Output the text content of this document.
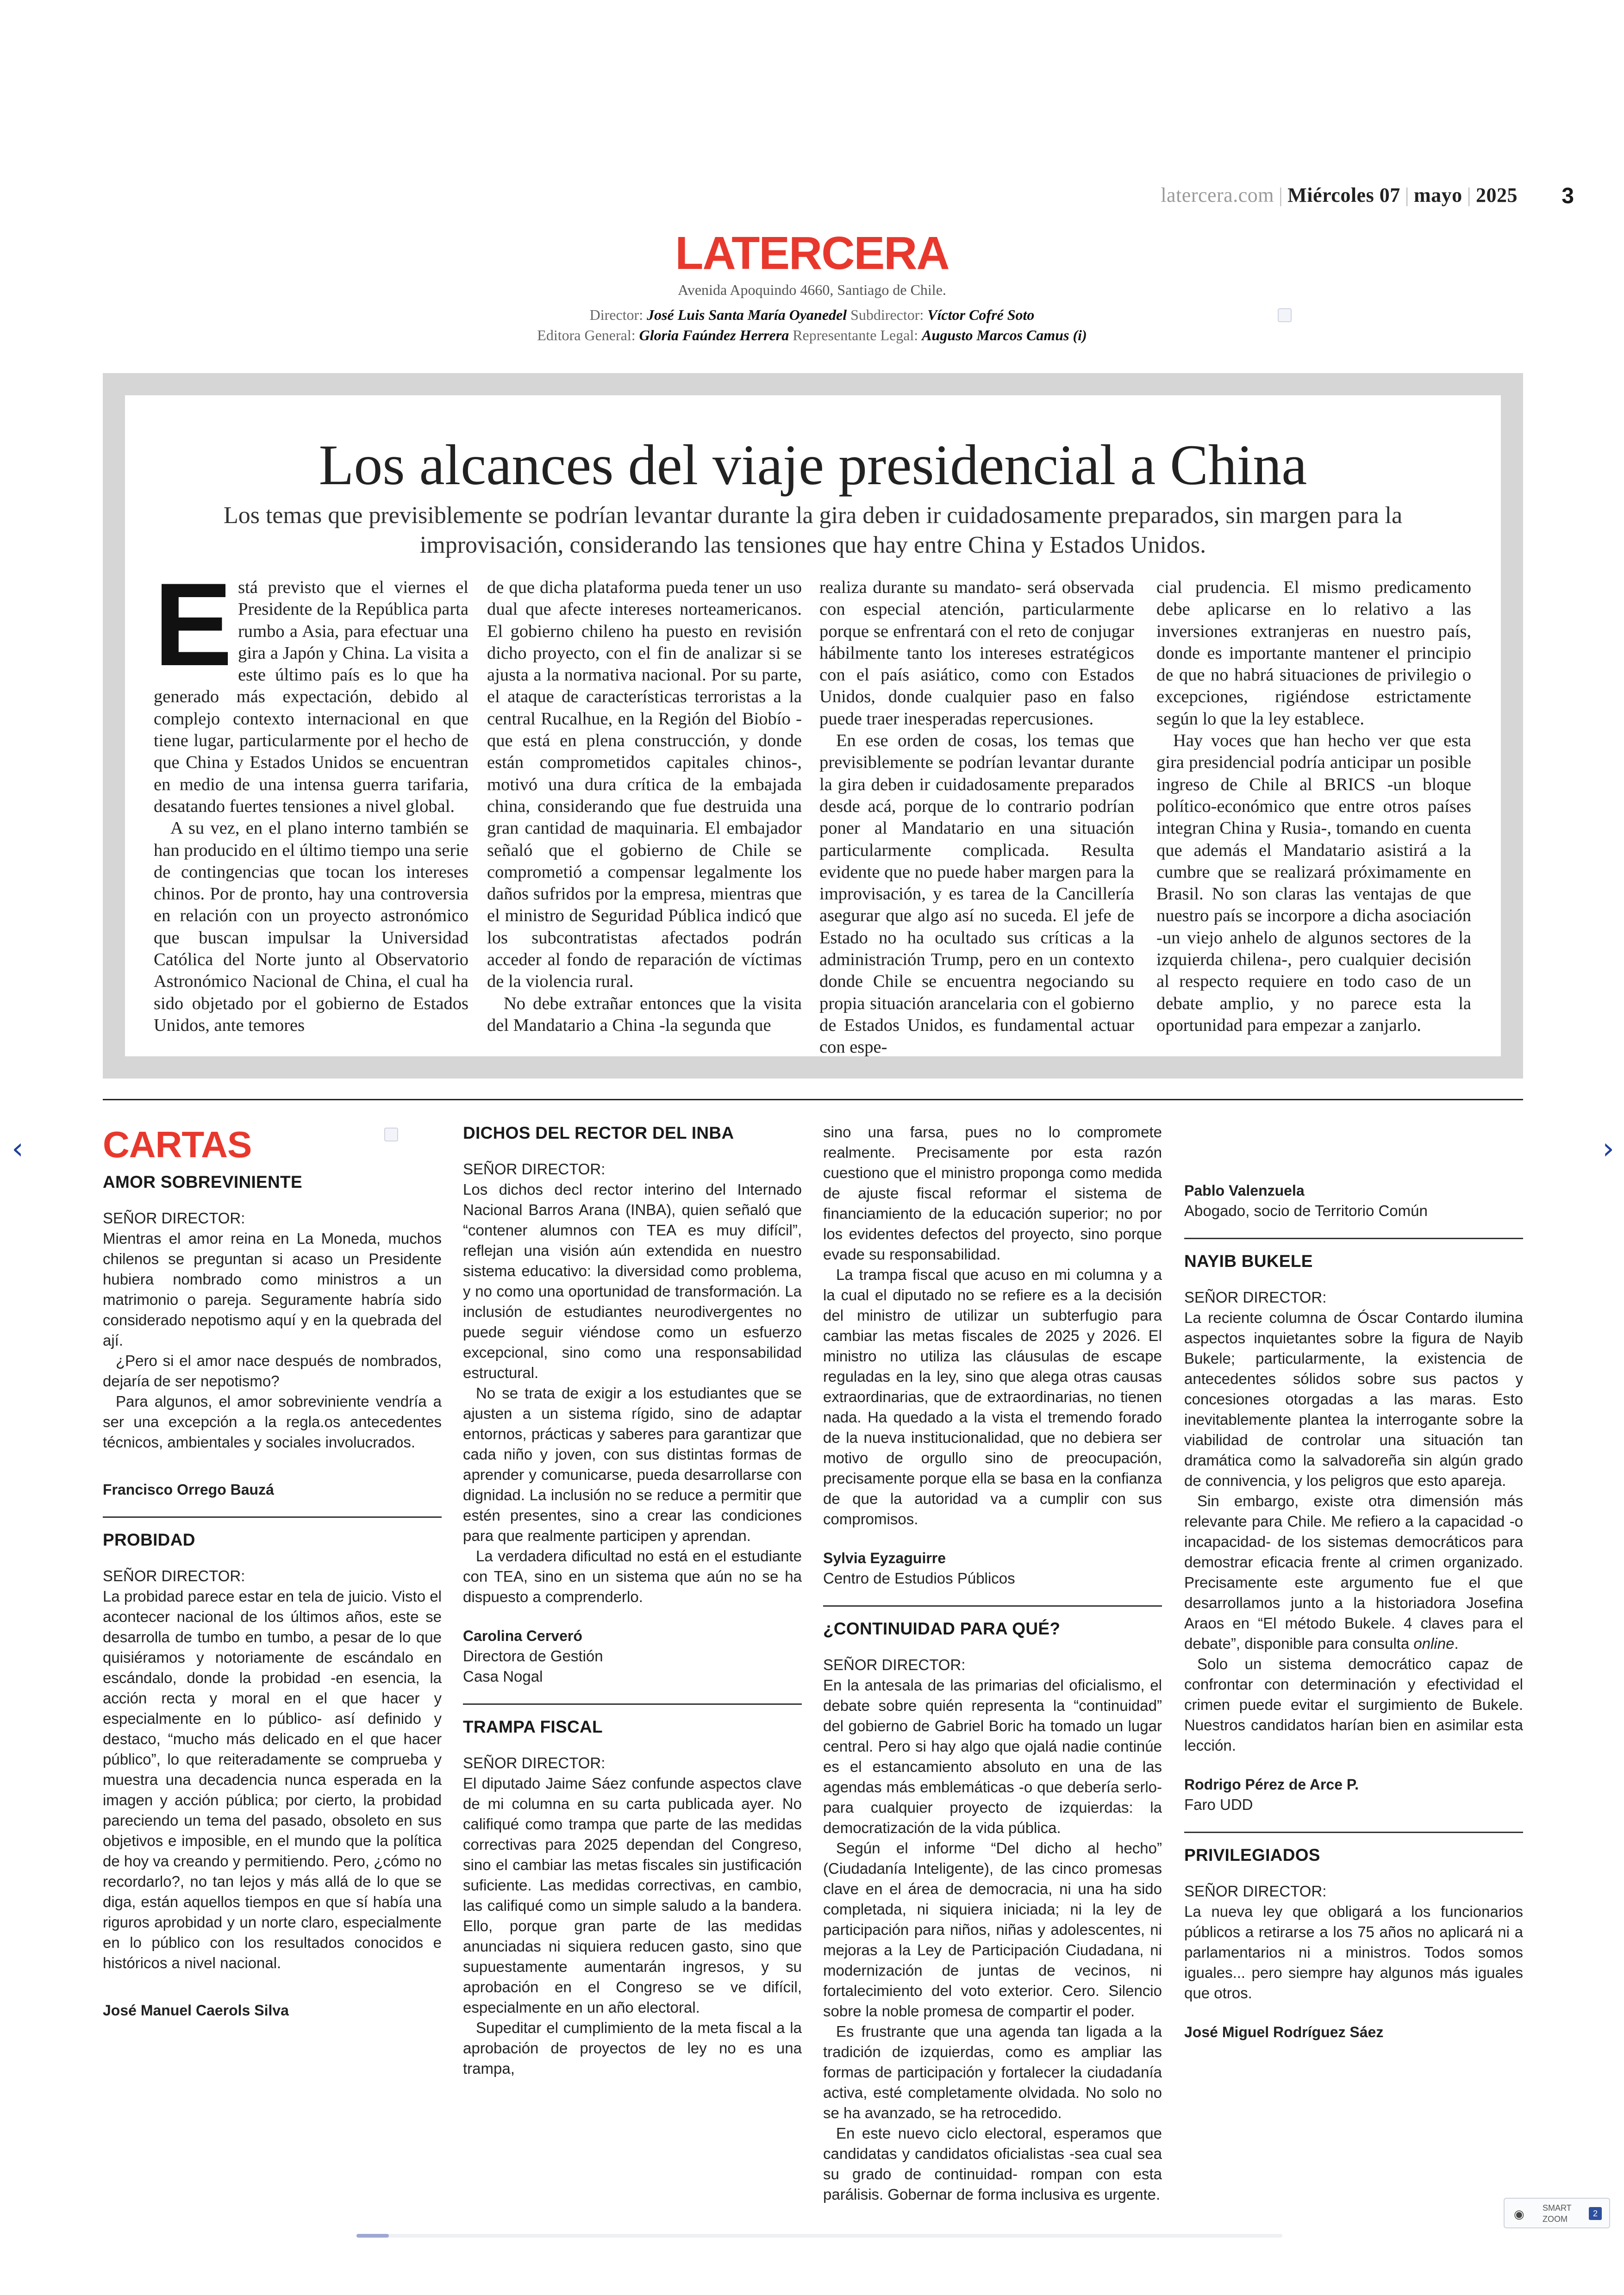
latercera.com | Miércoles 07 | mayo | 2025 3
LATERCERA
Avenida Apoquindo 4660, Santiago de Chile.
Director: José Luis Santa María Oyanedel Subdirector: Víctor Cofré Soto
Editora General: Gloria Faúndez Herrera Representante Legal: Augusto Marcos Camus (i)
Los alcances del viaje presidencial a China
Los temas que previsiblemente se podrían levantar durante la gira deben ir cuidadosamente preparados, sin margen para la improvisación, considerando las tensiones que hay entre China y Estados Unidos.

Está previsto que el viernes el Presidente de la República parta rumbo a Asia, para efectuar una gira a Japón y China. La visita a este último país es lo que ha generado más expectación, debido al complejo contexto internacional en que tiene lugar, particularmente por el hecho de que China y Estados Unidos se encuentran en medio de una intensa guerra tarifaria, desatando fuertes tensiones a nivel global.

A su vez, en el plano interno también se han producido en el último tiempo una serie de contingencias que tocan los intereses chinos. Por de pronto, hay una controversia en relación con un proyecto astronómico que buscan impulsar la Universidad Católica del Norte junto al Observatorio Astronómico Nacional de China, el cual ha sido objetado por el gobierno de Estados Unidos, ante temores

de que dicha plataforma pueda tener un uso dual que afecte intereses norteamericanos. El gobierno chileno ha puesto en revisión dicho proyecto, con el fin de analizar si se ajusta a la normativa nacional. Por su parte, el ataque de características terroristas a la central Rucalhue, en la Región del Biobío -que está en plena construcción, y donde están comprometidos capitales chinos-, motivó una dura crítica de la embajada china, considerando que fue destruida una gran cantidad de maquinaria. El embajador señaló que el gobierno de Chile se comprometió a compensar legalmente los daños sufridos por la empresa, mientras que el ministro de Seguridad Pública indicó que los subcontratistas afectados podrán acceder al fondo de reparación de víctimas de la violencia rural.

No debe extrañar entonces que la visita del Mandatario a China -la segunda que

realiza durante su mandato- será observada con especial atención, particularmente porque se enfrentará con el reto de conjugar hábilmente tanto los intereses estratégicos con el país asiático, como con Estados Unidos, donde cualquier paso en falso puede traer inesperadas repercusiones.

En ese orden de cosas, los temas que previsiblemente se podrían levantar durante la gira deben ir cuidadosamente preparados desde acá, porque de lo contrario podrían poner al Mandatario en una situación particularmente complicada. Resulta evidente que no puede haber margen para la improvisación, y es tarea de la Cancillería asegurar que algo así no suceda. El jefe de Estado no ha ocultado sus críticas a la administración Trump, pero en un contexto donde Chile se encuentra negociando su propia situación arancelaria con el gobierno de Estados Unidos, es fundamental actuar con espe-

cial prudencia. El mismo predicamento debe aplicarse en lo relativo a las inversiones extranjeras en nuestro país, donde es importante mantener el principio de que no habrá situaciones de privilegio o excepciones, rigiéndose estrictamente según lo que la ley establece.

Hay voces que han hecho ver que esta gira presidencial podría anticipar un posible ingreso de Chile al BRICS -un bloque político-económico que entre otros países integran China y Rusia-, tomando en cuenta que además el Mandatario asistirá a la cumbre que se realizará próximamente en Brasil. No son claras las ventajas de que nuestro país se incorpore a dicha asociación -un viejo anhelo de algunos sectores de la izquierda chilena-, pero cualquier decisión al respecto requiere en todo caso de un debate amplio, y no parece esta la oportunidad para empezar a zanjarlo.

CARTAS
AMOR SOBREVINIENTE
SEÑOR DIRECTOR:

Mientras el amor reina en La Moneda, muchos chilenos se preguntan si acaso un Presidente hubiera nombrado como ministros a un matrimonio o pareja. Seguramente habría sido considerado nepotismo aquí y en la quebrada del ají.

¿Pero si el amor nace después de nombrados, dejaría de ser nepotismo?

Para algunos, el amor sobreviniente vendría a ser una excepción a la regla.os antecedentes técnicos, ambientales y sociales involucrados.

Francisco Orrego Bauzá
PROBIDAD
SEÑOR DIRECTOR:

La probidad parece estar en tela de juicio. Visto el acontecer nacional de los últimos años, este se desarrolla de tumbo en tumbo, a pesar de lo que quisiéramos y notoriamente de escándalo en escándalo, donde la probidad -en esencia, la acción recta y moral en el que hacer y especialmente en lo público- así definido y destaco, “mucho más delicado en el que hacer público”, lo que reiteradamente se comprueba y muestra una decadencia nunca esperada en la imagen y acción pública; por cierto, la probidad pareciendo un tema del pasado, obsoleto en sus objetivos e imposible, en el mundo que la política de hoy va creando y permitiendo. Pero, ¿cómo no recordarlo?, no tan lejos y más allá de lo que se diga, están aquellos tiempos en que sí había una riguros aprobidad y un norte claro, especialmente en lo público con los resultados conocidos e históricos a nivel nacional.

José Manuel Caerols Silva
DICHOS DEL RECTOR DEL INBA
SEÑOR DIRECTOR:

Los dichos decl rector interino del Internado Nacional Barros Arana (INBA), quien señaló que “contener alumnos con TEA es muy difícil”, reflejan una visión aún extendida en nuestro sistema educativo: la diversidad como problema, y no como una oportunidad de transformación. La inclusión de estudiantes neurodivergentes no puede seguir viéndose como un esfuerzo excepcional, sino como una responsabilidad estructural.

No se trata de exigir a los estudiantes que se ajusten a un sistema rígido, sino de adaptar entornos, prácticas y saberes para garantizar que cada niño y joven, con sus distintas formas de aprender y comunicarse, pueda desarrollarse con dignidad. La inclusión no se reduce a permitir que estén presentes, sino a crear las condiciones para que realmente participen y aprendan.

La verdadera dificultad no está en el estudiante con TEA, sino en un sistema que aún no se ha dispuesto a comprenderlo.

Carolina Cerveró
Directora de Gestión
Casa Nogal
TRAMPA FISCAL
SEÑOR DIRECTOR:

El diputado Jaime Sáez confunde aspectos clave de mi columna en su carta publicada ayer. No califiqué como trampa que parte de las medidas correctivas para 2025 dependan del Congreso, sino el cambiar las metas fiscales sin justificación suficiente. Las medidas correctivas, en cambio, las califiqué como un simple saludo a la bandera. Ello, porque gran parte de las medidas anunciadas ni siquiera reducen gasto, sino que supuestamente aumentarán ingresos, y su aprobación en el Congreso se ve difícil, especialmente en un año electoral.

Supeditar el cumplimiento de la meta fiscal a la aprobación de proyectos de ley no es una trampa,

sino una farsa, pues no lo compromete realmente. Precisamente por esta razón cuestiono que el ministro proponga como medida de ajuste fiscal reformar el sistema de financiamiento de la educación superior; no por los evidentes defectos del proyecto, sino porque evade su responsabilidad.

La trampa fiscal que acuso en mi columna y a la cual el diputado no se refiere es a la decisión del ministro de utilizar un subterfugio para cambiar las metas fiscales de 2025 y 2026. El ministro no utiliza las cláusulas de escape reguladas en la ley, sino que alega otras causas extraordinarias, que de extraordinarias, no tienen nada. Ha quedado a la vista el tremendo forado de la nueva institucionalidad, que no debiera ser motivo de orgullo sino de preocupación, precisamente porque ella se basa en la confianza de que la autoridad va a cumplir con sus compromisos.

Sylvia Eyzaguirre
Centro de Estudios Públicos
¿CONTINUIDAD PARA QUÉ?
SEÑOR DIRECTOR:

En la antesala de las primarias del oficialismo, el debate sobre quién representa la “continuidad” del gobierno de Gabriel Boric ha tomado un lugar central. Pero si hay algo que ojalá nadie continúe es el estancamiento absoluto en una de las agendas más emblemáticas -o que debería serlo- para cualquier proyecto de izquierdas: la democratización de la vida pública.

Según el informe “Del dicho al hecho” (Ciudadanía Inteligente), de las cinco promesas clave en el área de democracia, ni una ha sido completada, ni siquiera iniciada; ni la ley de participación para niños, niñas y adolescentes, ni mejoras a la Ley de Participación Ciudadana, ni modernización de juntas de vecinos, ni fortalecimiento del voto exterior. Cero. Silencio sobre la noble promesa de compartir el poder.

Es frustrante que una agenda tan ligada a la tradición de izquierdas, como es ampliar las formas de participación y fortalecer la ciudadanía activa, esté completamente olvidada. No solo no se ha avanzado, se ha retrocedido.

En este nuevo ciclo electoral, esperamos que candidatas y candidatos oficialistas -sea cual sea su grado de continuidad- rompan con esta parálisis. Gobernar de forma inclusiva es urgente.

Pablo Valenzuela
Abogado, socio de Territorio Común
NAYIB BUKELE
SEÑOR DIRECTOR:

La reciente columna de Óscar Contardo ilumina aspectos inquietantes sobre la figura de Nayib Bukele; particularmente, la existencia de antecedentes sólidos sobre sus pactos y concesiones otorgadas a las maras. Esto inevitablemente plantea la interrogante sobre la viabilidad de controlar una situación tan dramática como la salvadoreña sin algún grado de connivencia, y los peligros que esto apareja.

Sin embargo, existe otra dimensión más relevante para Chile. Me refiero a la capacidad -o incapacidad- de los sistemas democráticos para demostrar eficacia frente al crimen organizado. Precisamente este argumento fue el que desarrollamos junto a la historiadora Josefina Araos en “El método Bukele. 4 claves para el debate”, disponible para consulta online.

Solo un sistema democrático capaz de confrontar con determinación y efectividad el crimen puede evitar el surgimiento de Bukele. Nuestros candidatos harían bien en asimilar esta lección.

Rodrigo Pérez de Arce P.
Faro UDD
PRIVILEGIADOS
SEÑOR DIRECTOR:

La nueva ley que obligará a los funcionarios públicos a retirarse a los 75 años no aplicará ni a parlamentarios ni a ministros. Todos somos iguales... pero siempre hay algunos más iguales que otros.

José Miguel Rodríguez Sáez
‹	›
◉ SMART
ZOOM
2
